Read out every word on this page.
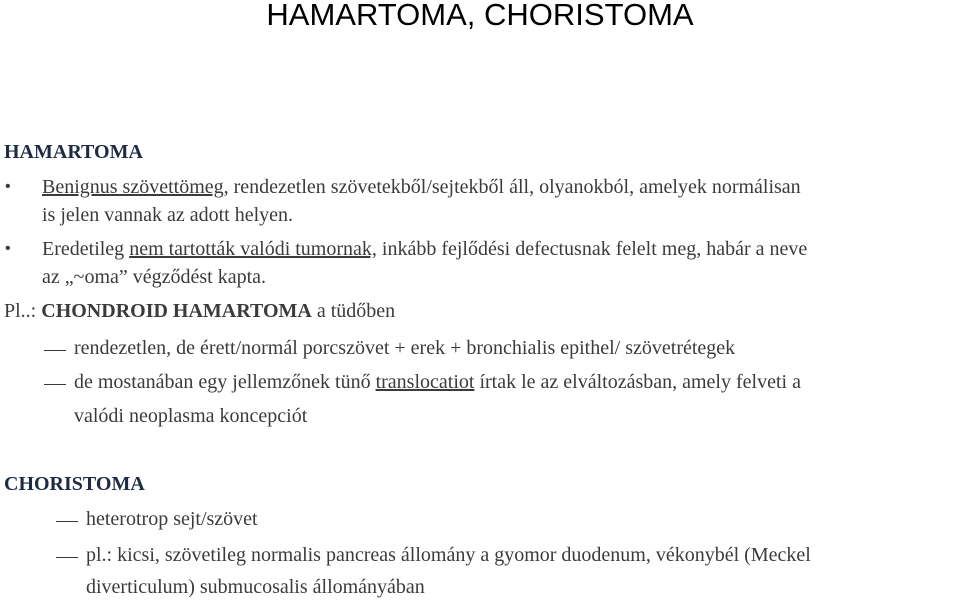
HAMARTOMA, CHORISTOMA
HAMARTOMA
• Benignus szövettömeg, rendezetlen szövetekből/sejtekből áll, olyanokból, amelyek normálisan
is jelen vannak az adott helyen.
• Eredetileg nem tartották valódi tumornak, inkább fejlődési defectusnak felelt meg, habár a neve
az „~oma” végződést kapta.
Pl..: CHONDROID HAMARTOMA a tüdőben
rendezetlen, de érett/normál porcszövet + erek + bronchialis epithel/ szövetrétegek
de mostanában egy jellemzőnek tünő translocatiot írtak le az elváltozásban, amely felveti a
valódi neoplasma koncepciót
CHORISTOMA
heterotrop sejt/szövet
pl.: kicsi, szövetileg normalis pancreas állomány a gyomor duodenum, vékonybél (Meckel
diverticulum) submucosalis állományában
